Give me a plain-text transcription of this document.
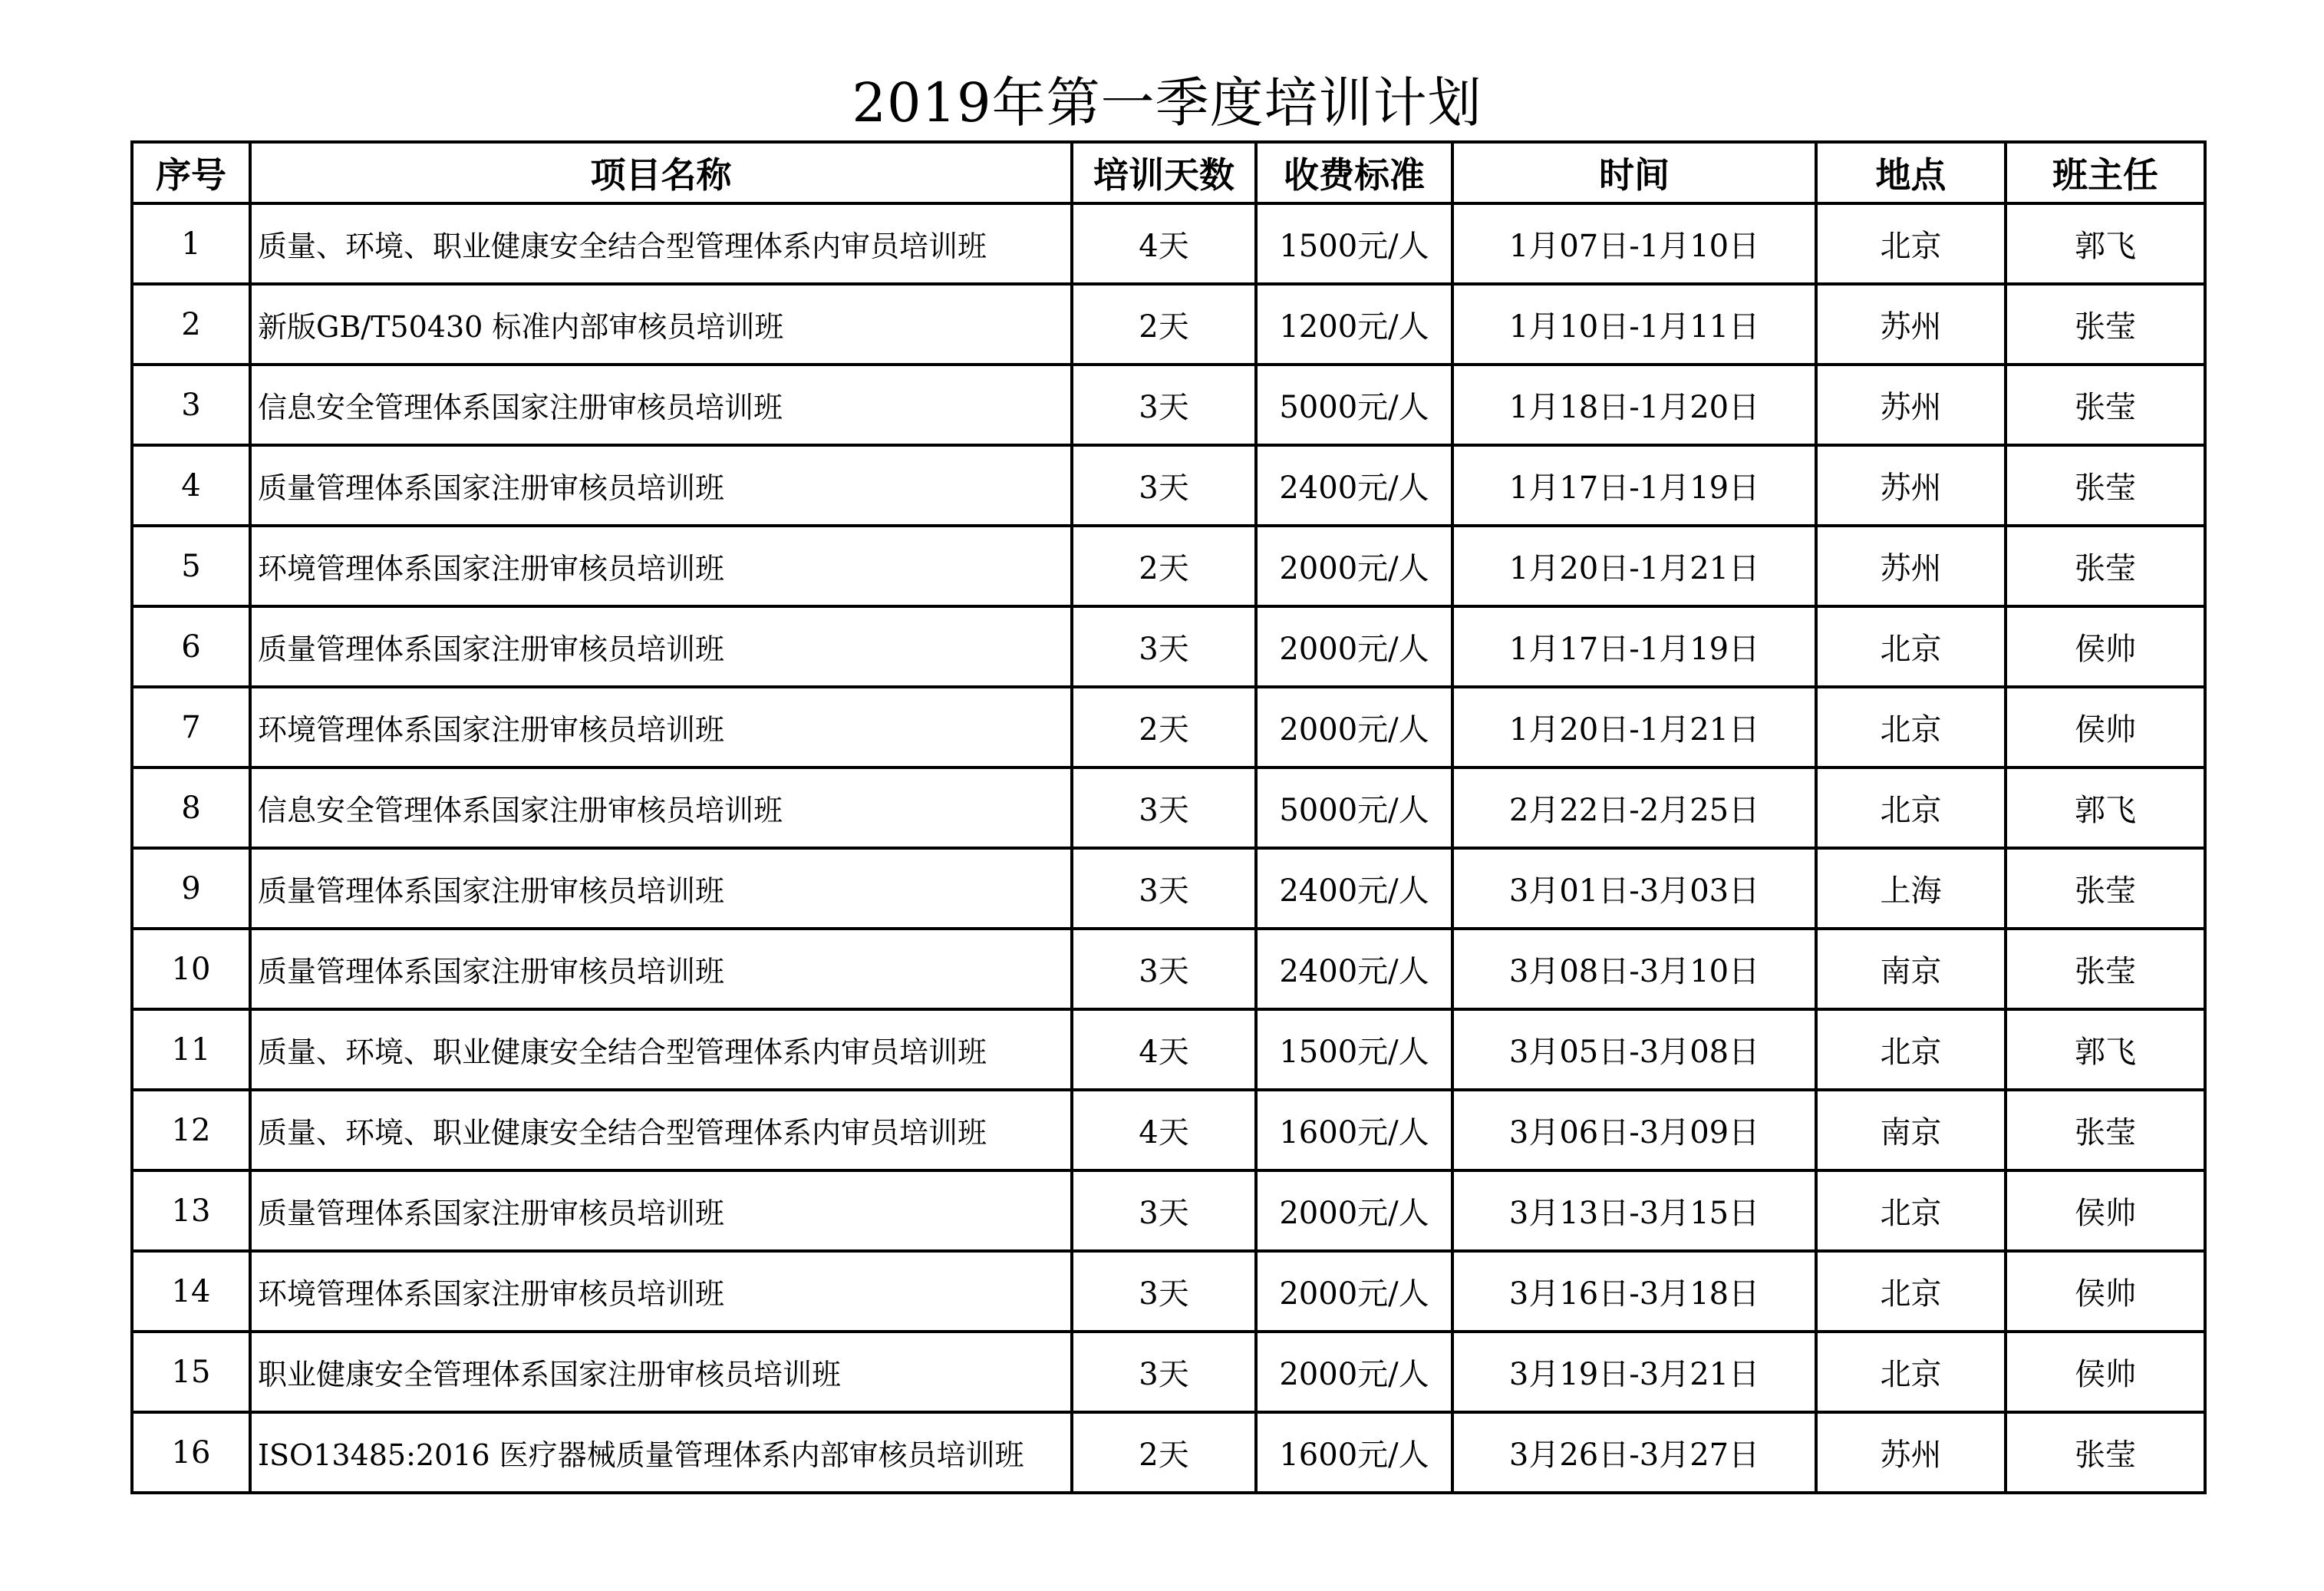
2019年第一季度培训计划
序号	项目名称	培训天数	收费标准	时间	地点	班主任
1	质量、环境、职业健康安全结合型管理体系内审员培训班	4天	1500元/人	1月07日-1月10日	北京	郭飞
2	新版GB/T50430 标准内部审核员培训班	2天	1200元/人	1月10日-1月11日	苏州	张莹
3	信息安全管理体系国家注册审核员培训班	3天	5000元/人	1月18日-1月20日	苏州	张莹
4	质量管理体系国家注册审核员培训班	3天	2400元/人	1月17日-1月19日	苏州	张莹
5	环境管理体系国家注册审核员培训班	2天	2000元/人	1月20日-1月21日	苏州	张莹
6	质量管理体系国家注册审核员培训班	3天	2000元/人	1月17日-1月19日	北京	侯帅
7	环境管理体系国家注册审核员培训班	2天	2000元/人	1月20日-1月21日	北京	侯帅
8	信息安全管理体系国家注册审核员培训班	3天	5000元/人	2月22日-2月25日	北京	郭飞
9	质量管理体系国家注册审核员培训班	3天	2400元/人	3月01日-3月03日	上海	张莹
10	质量管理体系国家注册审核员培训班	3天	2400元/人	3月08日-3月10日	南京	张莹
11	质量、环境、职业健康安全结合型管理体系内审员培训班	4天	1500元/人	3月05日-3月08日	北京	郭飞
12	质量、环境、职业健康安全结合型管理体系内审员培训班	4天	1600元/人	3月06日-3月09日	南京	张莹
13	质量管理体系国家注册审核员培训班	3天	2000元/人	3月13日-3月15日	北京	侯帅
14	环境管理体系国家注册审核员培训班	3天	2000元/人	3月16日-3月18日	北京	侯帅
15	职业健康安全管理体系国家注册审核员培训班	3天	2000元/人	3月19日-3月21日	北京	侯帅
16	ISO13485:2016 医疗器械质量管理体系内部审核员培训班	2天	1600元/人	3月26日-3月27日	苏州	张莹
